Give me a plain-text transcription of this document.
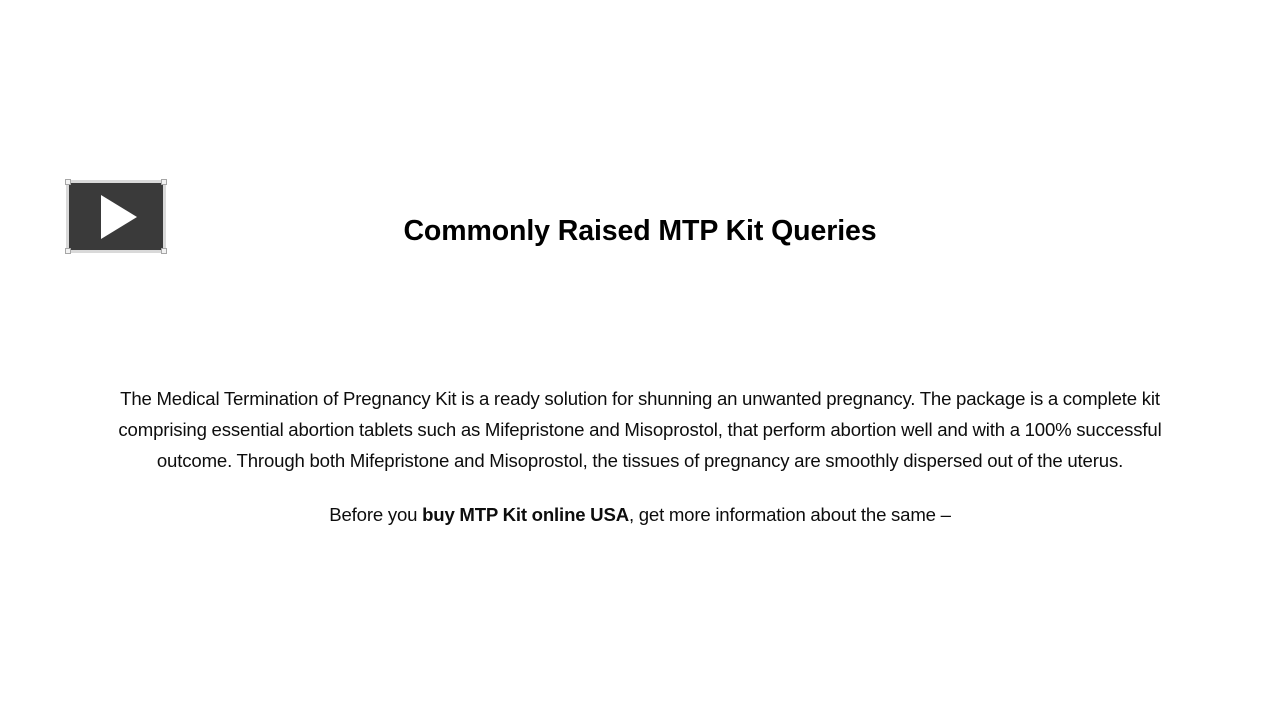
Commonly Raised MTP Kit Queries

The Medical Termination of Pregnancy Kit is a ready solution for shunning an unwanted pregnancy. The package is a complete kit comprising essential abortion tablets such as Mifepristone and Misoprostol, that perform abortion well and with a 100% successful outcome. Through both Mifepristone and Misoprostol, the tissues of pregnancy are smoothly dispersed out of the uterus.

Before you buy MTP Kit online USA, get more information about the same –
